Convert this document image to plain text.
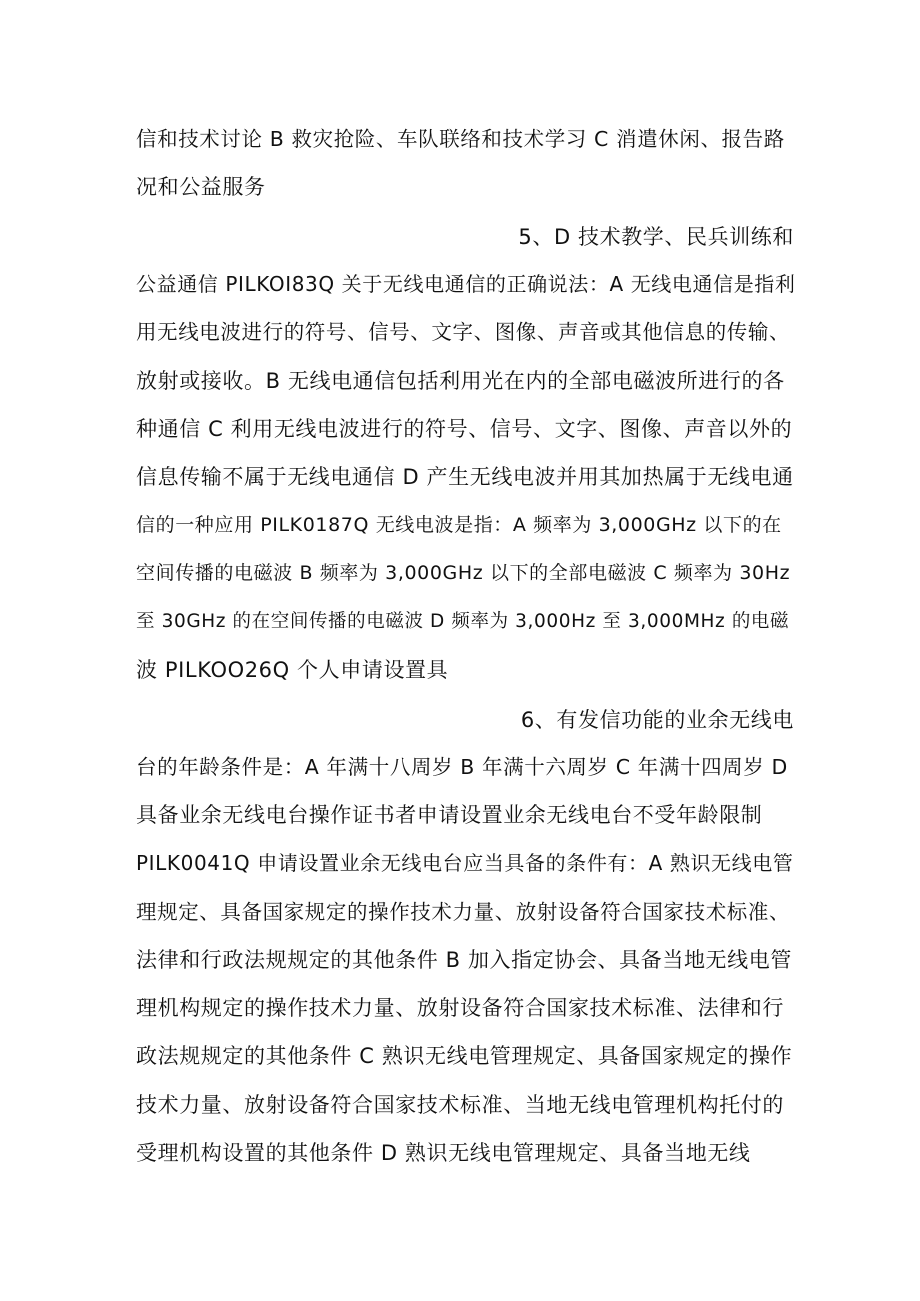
信和技术讨论 B 救灾抢险、车队联络和技术学习 C 消遣休闲、报告路
况和公益服务
5、D 技术教学、民兵训练和
公益通信 PILKOI83Q 关于无线电通信的正确说法：A 无线电通信是指利
用无线电波进行的符号、信号、文字、图像、声音或其他信息的传输、
放射或接收。B 无线电通信包括利用光在内的全部电磁波所进行的各
种通信 C 利用无线电波进行的符号、信号、文字、图像、声音以外的
信息传输不属于无线电通信 D 产生无线电波并用其加热属于无线电通
信的一种应用 PILK0187Q 无线电波是指：A 频率为 3,000GHz 以下的在
空间传播的电磁波 B 频率为 3,000GHz 以下的全部电磁波 C 频率为 30Hz
至 30GHz 的在空间传播的电磁波 D 频率为 3,000Hz 至 3,000MHz 的电磁
波 PILKOO26Q 个人申请设置具
6、有发信功能的业余无线电
台的年龄条件是：A 年满十八周岁 B 年满十六周岁 C 年满十四周岁 D
具备业余无线电台操作证书者申请设置业余无线电台不受年龄限制
PILK0041Q 申请设置业余无线电台应当具备的条件有：A 熟识无线电管
理规定、具备国家规定的操作技术力量、放射设备符合国家技术标准、
法律和行政法规规定的其他条件 B 加入指定协会、具备当地无线电管
理机构规定的操作技术力量、放射设备符合国家技术标准、法律和行
政法规规定的其他条件 C 熟识无线电管理规定、具备国家规定的操作
技术力量、放射设备符合国家技术标准、当地无线电管理机构托付的
受理机构设置的其他条件 D 熟识无线电管理规定、具备当地无线
